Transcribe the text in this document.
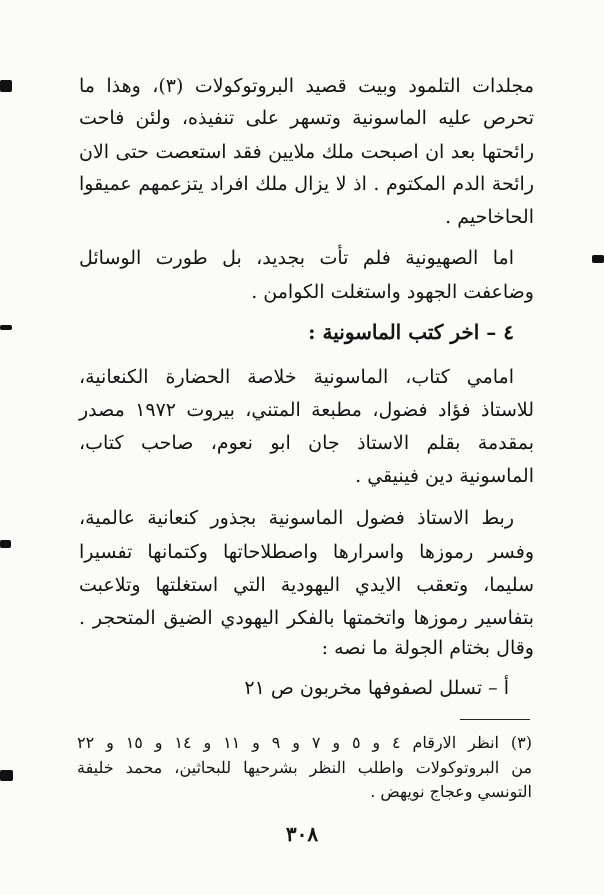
مجلدات التلمود وبيت قصيد البروتوكولات (٣)، وهذا ما
تحرص عليه الماسونية وتسهر على تنفيذه، ولئن فاحت
رائحتها بعد ان اصبحت ملك ملايين فقد استعصت حتى الان
رائحة الدم المكتوم . اذ لا يزال ملك افراد يتزعمهم عميقوا
الحاخاحيم .
اما الصهيونية فلم تأت بجديد، بل طورت الوسائل
وضاعفت الجهود واستغلت الكوامن .
٤ – اخر كتب الماسونية :
امامي كتاب، الماسونية خلاصة الحضارة الكنعانية،
للاستاذ فؤاد فضول، مطبعة المتني، بيروت ١٩٧٢ مصدر
بمقدمة بقلم الاستاذ جان ابو نعوم، صاحب كتاب،
الماسونية دين فينيقي .
ربط الاستاذ فضول الماسونية بجذور كنعانية عالمية،
وفسر رموزها واسرارها واصطلاحاتها وكتمانها تفسيرا
سليما، وتعقب الايدي اليهودية التي استغلتها وتلاعبت
بتفاسير رموزها واتخمتها بالفكر اليهودي الضيق المتحجر .
وقال بختام الجولة ما نصه :
أ – تسلل لصفوفها مخربون ص ٢١
(٣) انظر الارقام ٤ و ٥ و ٧ و ٩ و ١١ و ١٤ و ١٥ و ٢٢
من البروتوكولات واطلب النظر بشرحيها للبحاثين، محمد خليفة
التونسي وعجاج نويهض .
٣٠٨
